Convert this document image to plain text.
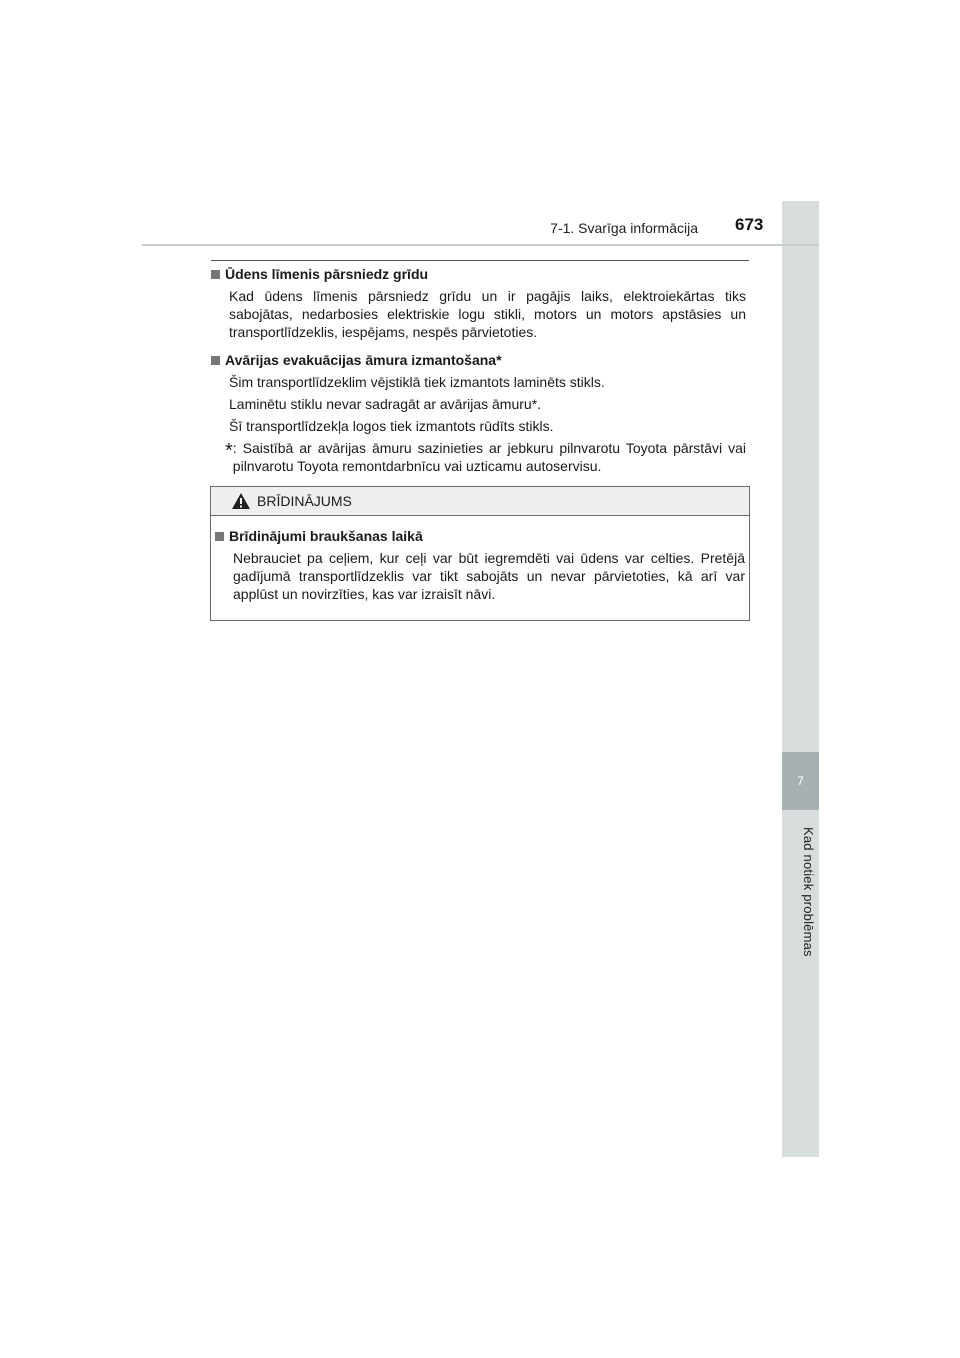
7
Kad notiek problēmas
7-1. Svarīga informācija 673
Ūdens līmenis pārsniedz grīdu

Kad ūdens līmenis pārsniedz grīdu un ir pagājis laiks, elektroiekārtas tiks sabojātas, nedarbosies elektriskie logu stikli, motors un motors apstāsies un transportlīdzeklis, iespējams, nespēs pārvietoties.

Avārijas evakuācijas āmura izmantošana*

Šim transportlīdzeklim vējstiklā tiek izmantots laminēts stikls.

Laminētu stiklu nevar sadragāt ar avārijas āmuru*.

Šī transportlīdzekļa logos tiek izmantots rūdīts stikls.

* : Saistībā ar avārijas āmuru sazinieties ar jebkuru pilnvarotu Toyota pārstāvi vai pilnvarotu Toyota remontdarbnīcu vai uzticamu autoservisu.
BRĪDINĀJUMS
Brīdinājumi braukšanas laikā

Nebrauciet pa ceļiem, kur ceļi var būt iegremdēti vai ūdens var celties. Pretējā gadījumā transportlīdzeklis var tikt sabojāts un nevar pārvietoties, kā arī var applūst un novirzīties, kas var izraisīt nāvi.
